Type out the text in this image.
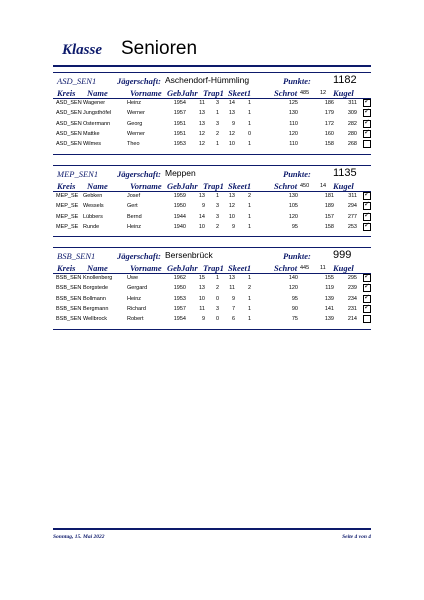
Klasse Senioren
ASD_SEN1 Jägerschaft: Aschendorf-Hümmling	Punkte: 1182
Kreis Name	Vorname GebJahr Trap1 Skeet1	Schrot	Kugel
485 12
ASD_SEN Wagener	Heinz	1954 11 3 14 1	125	186	311 ✓
ASD_SEN Jungsthöfel	Werner	1957 13 1 13 1	130	179	309 ✓
ASD_SEN Ostermann	Georg	1951 13 3 9 1	110	172	282 ✓
ASD_SEN Mattke	Werner	1951 12 2 12 0	120	160	280 ✓
ASD_SEN Wilmes	Theo	1953 12 1 10 1	110	158	268
MEP_SEN1 Jägerschaft: Meppen	Punkte: 1135
Kreis Name	Vorname GebJahr Trap1 Skeet1	Schrot	Kugel
450 14
MEP_SE Gebken	Josef	1959 13 1 13 2	130	181	311 ✓
MEP_SE Wessels	Gert	1950	9 3 12 1	105	189	294 ✓
MEP_SE Lübbers	Bernd	1944 14 3 10 1	120	157	277 ✓
MEP_SE Runde	Heinz	1940 10 2 9 1	95	158	253 ✓
BSB_SEN1	Jägerschaft: Bersenbrück	Punkte: 999
Kreis Name	Vorname GebJahr Trap1 Skeet1	Schrot	Kugel
445 11
BSB_SEN Knollenberg	Uwe	1962 15 1 13 1	140	155	295 ✓
BSB_SEN Borgstede	Gergard	1950 13 2 11 2	120	119	239 ✓
BSB_SEN Bollmann	Heinz	1953 10 0 9 1	95	139	234 ✓
BSB_SEN Bergmann	Richard	1957 11 3 7 1	90	141	231 ✓
BSB_SEN Wellbrock	Robert	1954	9 0 6 1	75	139	214
Sonntag, 15. Mai 2022	Seite 4 von 4
